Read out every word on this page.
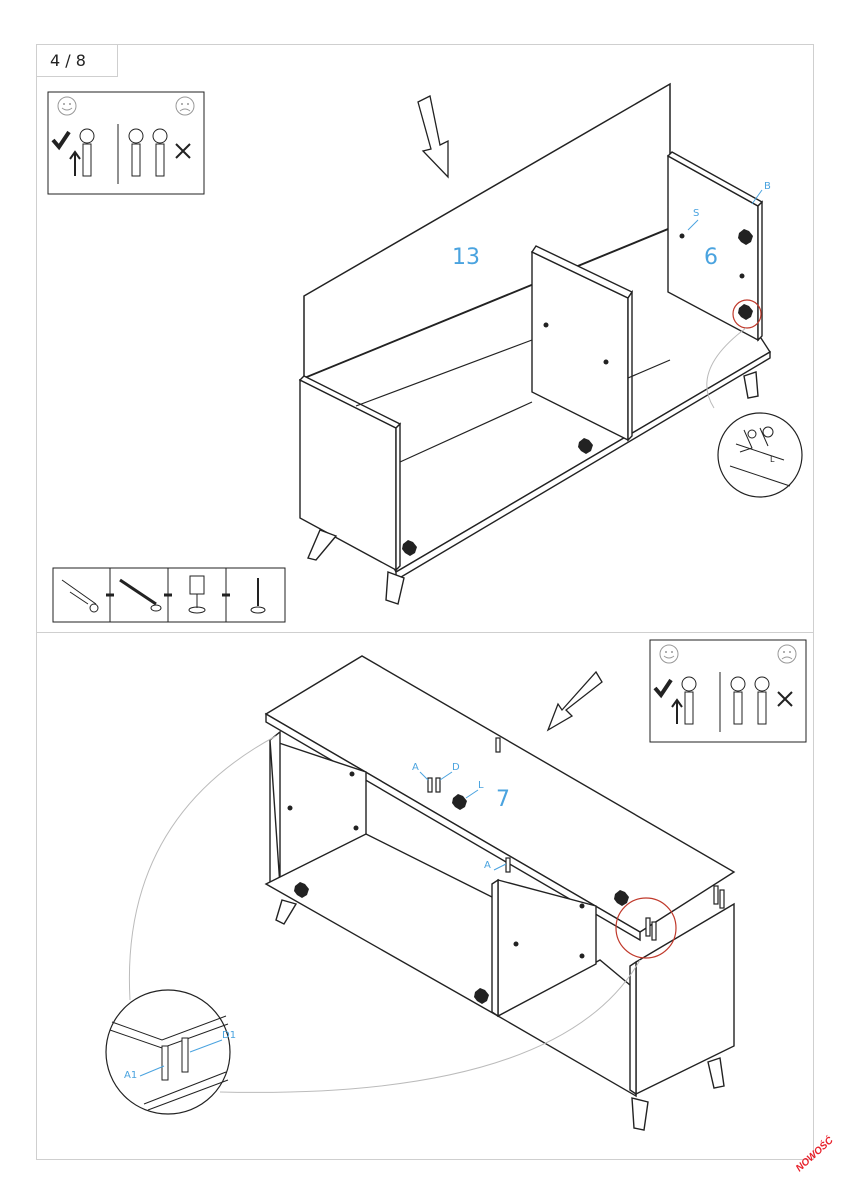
4 / 8
13	6
B
S
L
7
A	D
L
A
A1
D1
NOWOŚĆ
